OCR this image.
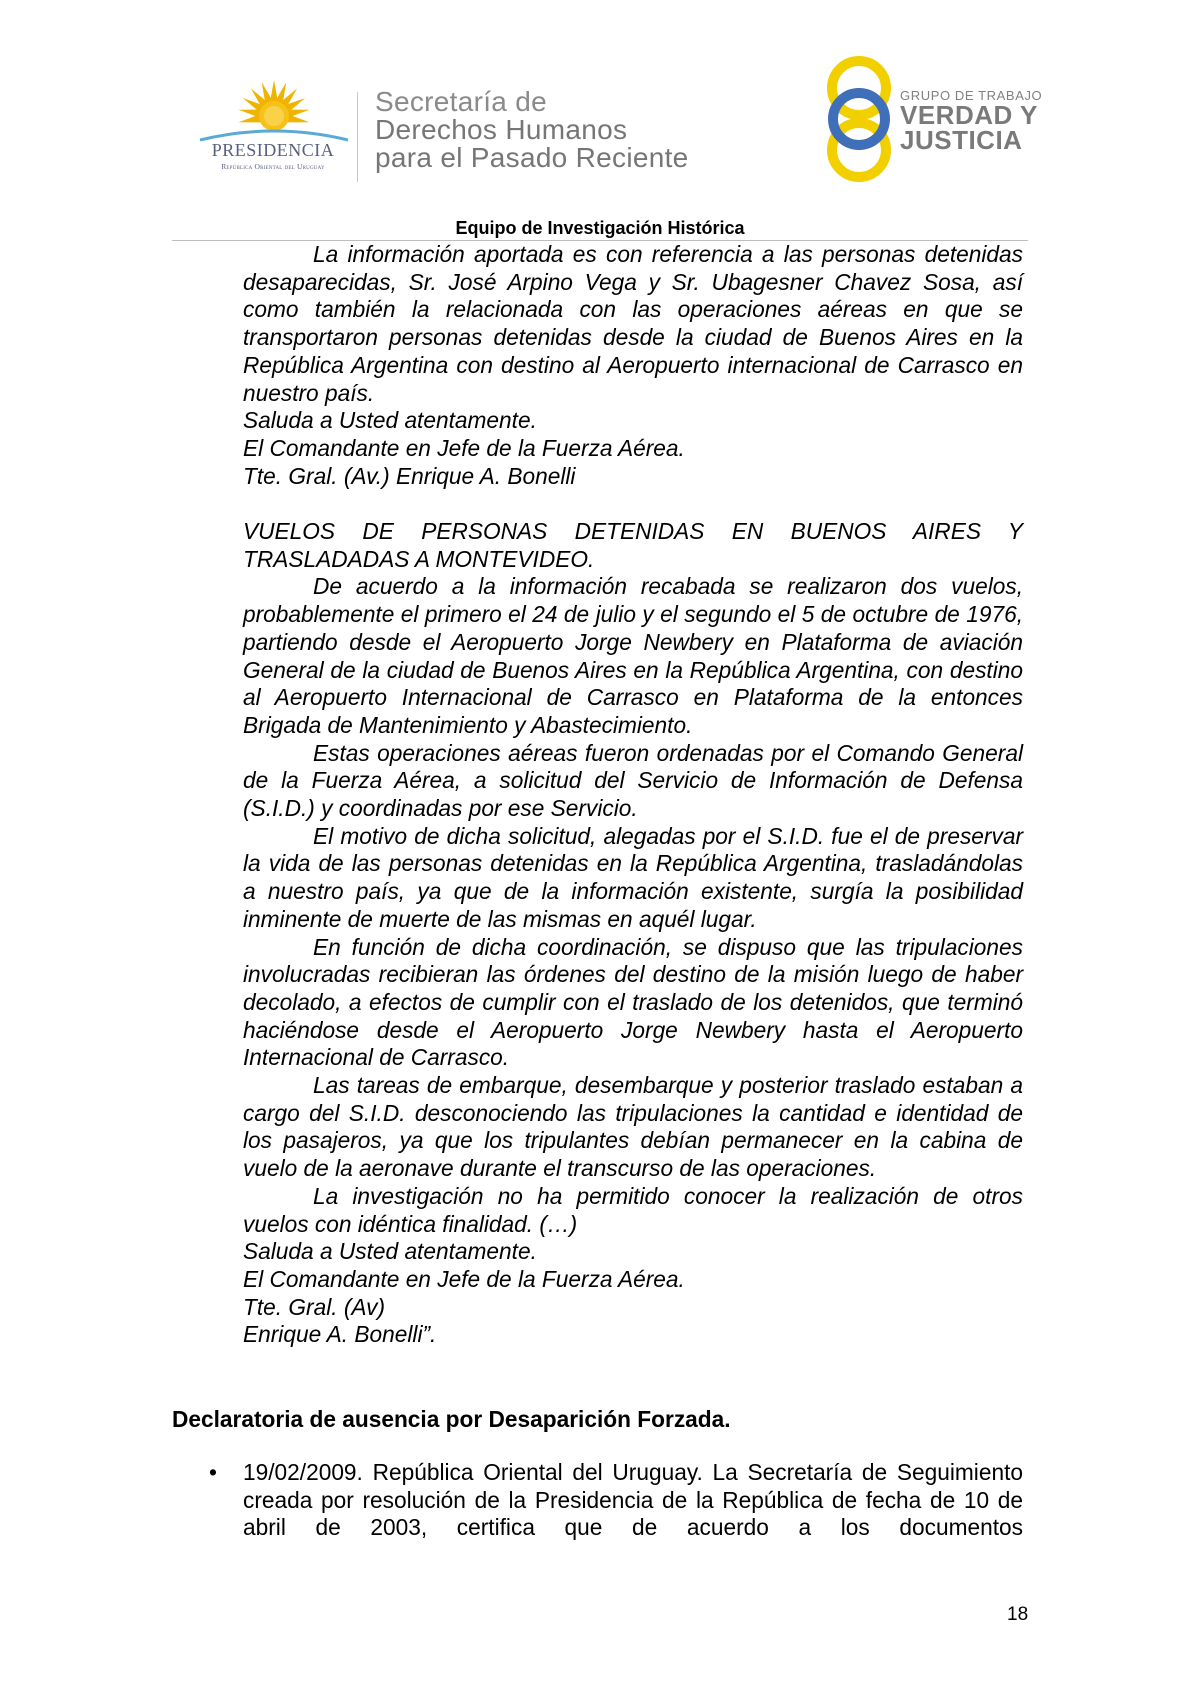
PRESIDENCIA
República Oriental del Uruguay
Secretaría de
Derechos Humanos
para el Pasado Reciente
GRUPO DE TRABAJO
VERDAD Y
JUSTICIA
Equipo de Investigación Histórica

La información aportada es con referencia a las personas detenidas desaparecidas, Sr. José Arpino Vega y Sr. Ubagesner Chavez Sosa, así como también la relacionada con las operaciones aéreas en que se transportaron personas detenidas desde la ciudad de Buenos Aires en la República Argentina con destino al Aeropuerto internacional de Carrasco en nuestro país.

Saluda a Usted atentamente.

El Comandante en Jefe de la Fuerza Aérea.

Tte. Gral. (Av.) Enrique A. Bonelli

VUELOS DE PERSONAS DETENIDAS EN BUENOS AIRES Y

TRASLADADAS A MONTEVIDEO.

De acuerdo a la información recabada se realizaron dos vuelos, probablemente el primero el 24 de julio y el segundo el 5 de octubre de 1976, partiendo desde el Aeropuerto Jorge Newbery en Plataforma de aviación General de la ciudad de Buenos Aires en la República Argentina, con destino al Aeropuerto Internacional de Carrasco en Plataforma de la entonces Brigada de Mantenimiento y Abastecimiento.

Estas operaciones aéreas fueron ordenadas por el Comando General de la Fuerza Aérea, a solicitud del Servicio de Información de Defensa (S.I.D.) y coordinadas por ese Servicio.

El motivo de dicha solicitud, alegadas por el S.I.D. fue el de preservar la vida de las personas detenidas en la República Argentina, trasladándolas a nuestro país, ya que de la información existente, surgía la posibilidad inminente de muerte de las mismas en aquél lugar.

En función de dicha coordinación, se dispuso que las tripulaciones involucradas recibieran las órdenes del destino de la misión luego de haber decolado, a efectos de cumplir con el traslado de los detenidos, que terminó haciéndose desde el Aeropuerto Jorge Newbery hasta el Aeropuerto Internacional de Carrasco.

Las tareas de embarque, desembarque y posterior traslado estaban a cargo del S.I.D. desconociendo las tripulaciones la cantidad e identidad de los pasajeros, ya que los tripulantes debían permanecer en la cabina de vuelo de la aeronave durante el transcurso de las operaciones.

La investigación no ha permitido conocer la realización de otros vuelos con idéntica finalidad. (…)

Saluda a Usted atentamente.

El Comandante en Jefe de la Fuerza Aérea.

Tte. Gral. (Av)

Enrique A. Bonelli”.

Declaratoria de ausencia por Desaparición Forzada.
• 19/02/2009. República Oriental del Uruguay. La Secretaría de Seguimiento creada por resolución de la Presidencia de la República de fecha de 10 de abril de 2003, certifica que de acuerdo a los documentos
18
